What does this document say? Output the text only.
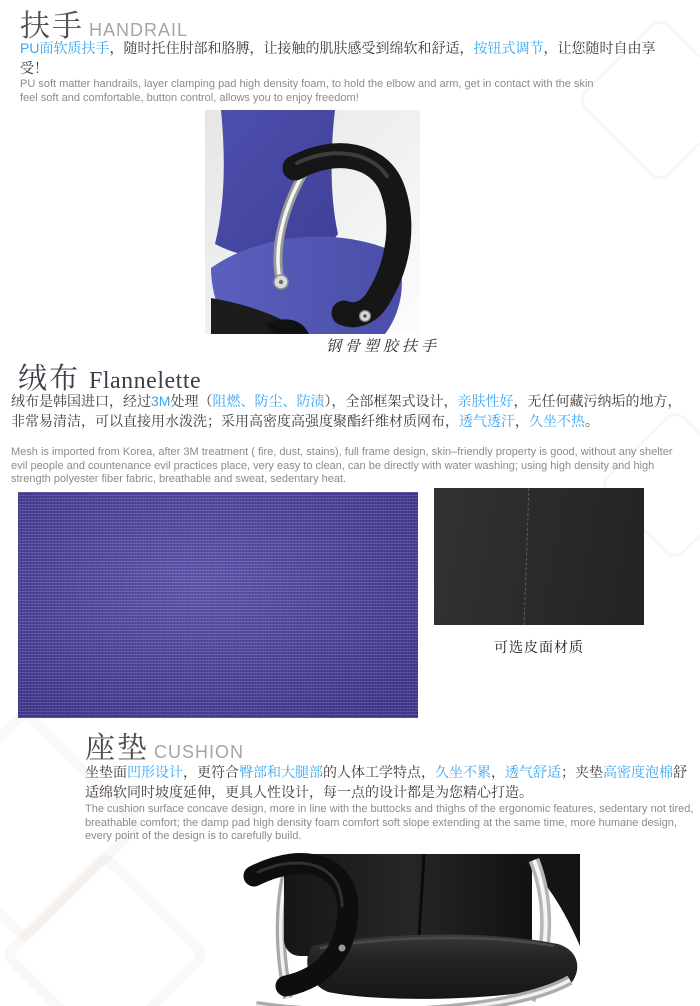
扶手 HANDRAIL

PU面软质扶手，随时托住肘部和胳膊，让接触的肌肤感受到绵软和舒适，按钮式调节，让您随时自由享受！

PU soft matter handrails, layer clamping pad high density foam, to hold the elbow and arm, get in contact with the skin feel soft and comfortable, button control, allows you to enjoy freedom!

钢骨塑胶扶手
绒布 Flannelette

绒布是韩国进口，经过3M处理（阻燃、防尘、防渍），全部框架式设计，亲肤性好，无任何藏污纳垢的地方，非常易清洁，可以直接用水泼洗；采用高密度高强度聚酯纤维材质网布，透气透汗，久坐不热。

Mesh is imported from Korea, after 3M treatment ( fire, dust, stains), full frame design, skin–friendly property is good, without any shelter evil people and countenance evil practices place, very easy to clean, can be directly with water washing; using high density and high strength polyester fiber fabric, breathable and sweat, sedentary heat.

可选皮面材质
座垫 CUSHION

坐垫面凹形设计，更符合臀部和大腿部的人体工学特点，久坐不累，透气舒适；夹垫高密度泡棉舒适绵软同时坡度延伸，更具人性设计，每一点的设计都是为您精心打造。

The cushion surface concave design, more in line with the buttocks and thighs of the ergonomic features, sedentary not tired, breathable comfort; the damp pad high density foam comfort soft slope extending at the same time, more humane design, every point of the design is to carefully build.
